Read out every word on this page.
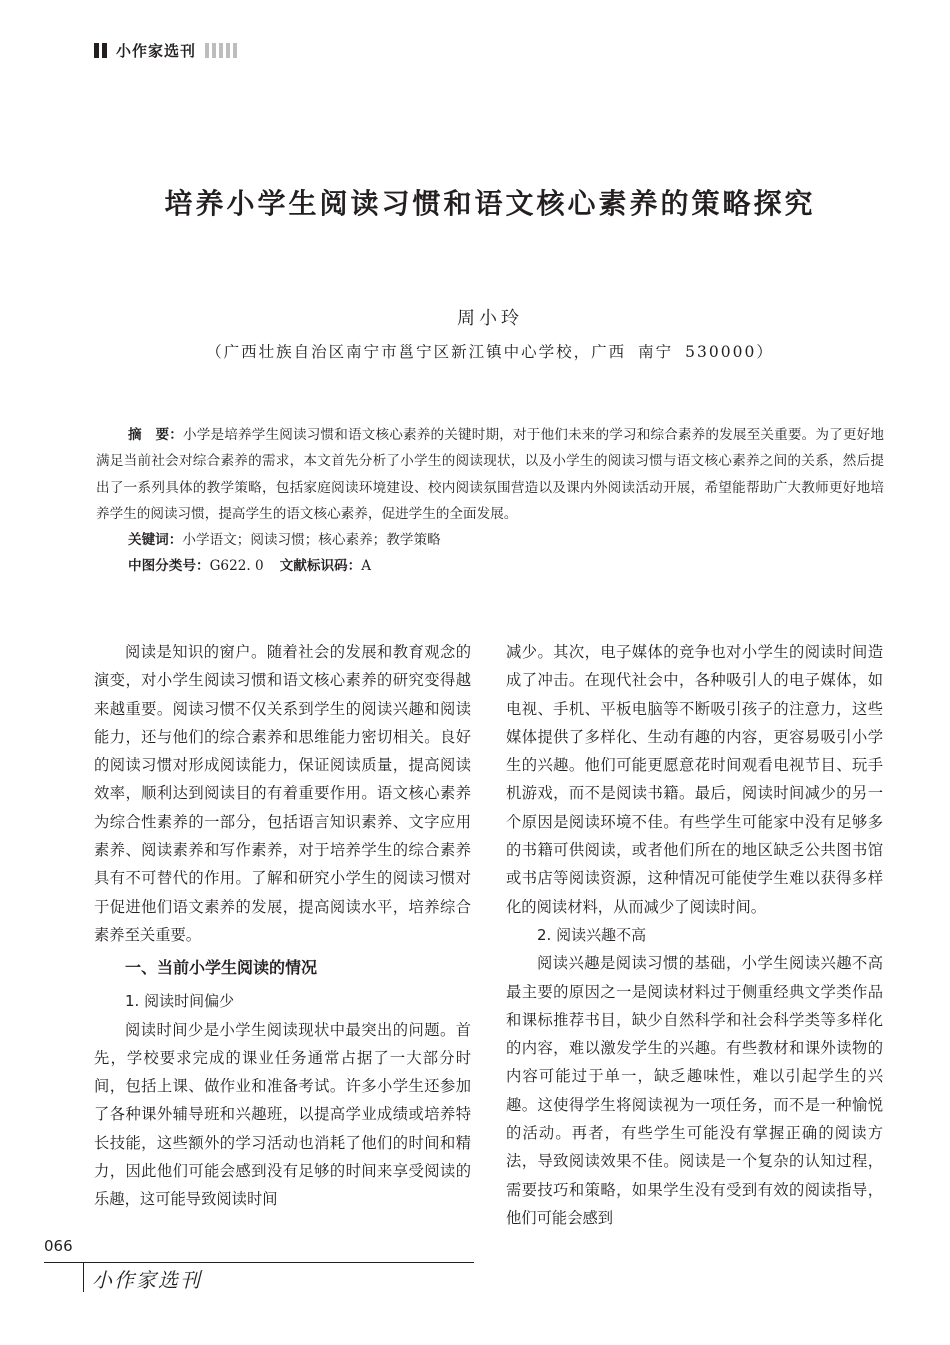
小作家选刊
培养小学生阅读习惯和语文核心素养的策略探究
周小玲
（广西壮族自治区南宁市邕宁区新江镇中心学校，广西 南宁 530000）

摘　要：小学是培养学生阅读习惯和语文核心素养的关键时期，对于他们未来的学习和综合素养的发展至关重要。为了更好地满足当前社会对综合素养的需求，本文首先分析了小学生的阅读现状，以及小学生的阅读习惯与语文核心素养之间的关系，然后提出了一系列具体的教学策略，包括家庭阅读环境建设、校内阅读氛围营造以及课内外阅读活动开展，希望能帮助广大教师更好地培养学生的阅读习惯，提高学生的语文核心素养，促进学生的全面发展。

关键词：小学语文；阅读习惯；核心素养；教学策略

中图分类号：G622. 0 文献标识码：A

阅读是知识的窗户。随着社会的发展和教育观念的演变，对小学生阅读习惯和语文核心素养的研究变得越来越重要。阅读习惯不仅关系到学生的阅读兴趣和阅读能力，还与他们的综合素养和思维能力密切相关。良好的阅读习惯对形成阅读能力，保证阅读质量，提高阅读效率，顺利达到阅读目的有着重要作用。语文核心素养为综合性素养的一部分，包括语言知识素养、文字应用素养、阅读素养和写作素养，对于培养学生的综合素养具有不可替代的作用。了解和研究小学生的阅读习惯对于促进他们语文素养的发展，提高阅读水平，培养综合素养至关重要。

一、当前小学生阅读的情况

1. 阅读时间偏少

阅读时间少是小学生阅读现状中最突出的问题。首先，学校要求完成的课业任务通常占据了一大部分时间，包括上课、做作业和准备考试。许多小学生还参加了各种课外辅导班和兴趣班，以提高学业成绩或培养特长技能，这些额外的学习活动也消耗了他们的时间和精力，因此他们可能会感到没有足够的时间来享受阅读的乐趣，这可能导致阅读时间

减少。其次，电子媒体的竞争也对小学生的阅读时间造成了冲击。在现代社会中，各种吸引人的电子媒体，如电视、手机、平板电脑等不断吸引孩子的注意力，这些媒体提供了多样化、生动有趣的内容，更容易吸引小学生的兴趣。他们可能更愿意花时间观看电视节目、玩手机游戏，而不是阅读书籍。最后，阅读时间减少的另一个原因是阅读环境不佳。有些学生可能家中没有足够多的书籍可供阅读，或者他们所在的地区缺乏公共图书馆或书店等阅读资源，这种情况可能使学生难以获得多样化的阅读材料，从而减少了阅读时间。

2. 阅读兴趣不高

阅读兴趣是阅读习惯的基础，小学生阅读兴趣不高最主要的原因之一是阅读材料过于侧重经典文学类作品和课标推荐书目，缺少自然科学和社会科学类等多样化的内容，难以激发学生的兴趣。有些教材和课外读物的内容可能过于单一，缺乏趣味性，难以引起学生的兴趣。这使得学生将阅读视为一项任务，而不是一种愉悦的活动。再者，有些学生可能没有掌握正确的阅读方法，导致阅读效果不佳。阅读是一个复杂的认知过程，需要技巧和策略，如果学生没有受到有效的阅读指导，他们可能会感到

066
小作家选刊
